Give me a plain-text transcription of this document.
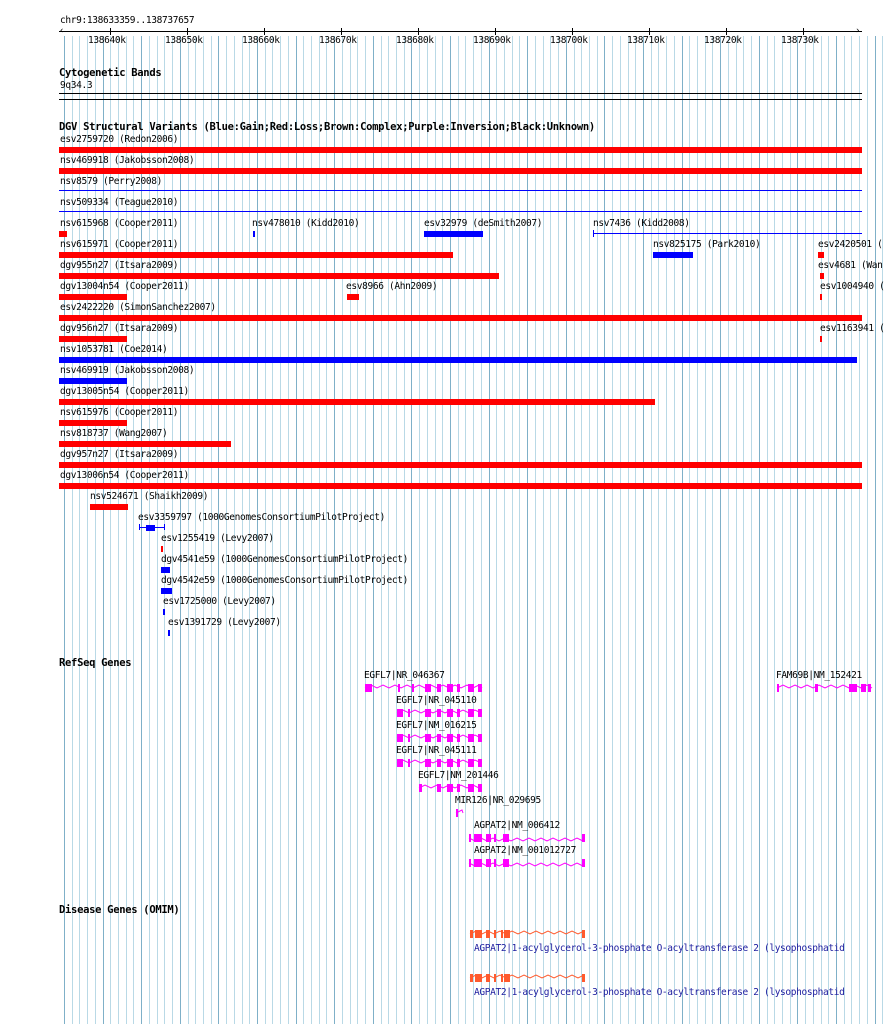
chr9:138633359..138737657
‹	›
138640k	138650k	138660k	138670k	138680k	138690k	138700k	138710k	138720k	138730k
Cytogenetic Bands
9q34.3
DGV Structural Variants (Blue:Gain;Red:Loss;Brown:Complex;Purple:Inversion;Black:Unknown)
esv2759720 (Redon2006)
nsv469918 (Jakobsson2008)
nsv8579 (Perry2008)
nsv509334 (Teague2010)
nsv615968 (Cooper2011)	nsv478010 (Kidd2010)	esv32979 (deSmith2007)	nsv7436 (Kidd2008)
nsv615971 (Cooper2011)	nsv825175 (Park2010)	esv2420501 (
dgv955n27 (Itsara2009)	esv4681 (Wan
dgv13004n54 (Cooper2011)	esv8966 (Ahn2009)	esv1004940 (
esv2422220 (SimonSanchez2007)
dgv956n27 (Itsara2009)	esv1163941 (
nsv1053781 (Coe2014)
nsv469919 (Jakobsson2008)
dgv13005n54 (Cooper2011)
nsv615976 (Cooper2011)
nsv818737 (Wang2007)
dgv957n27 (Itsara2009)
dgv13006n54 (Cooper2011)
nsv524671 (Shaikh2009)
esv3359797 (1000GenomesConsortiumPilotProject)
esv1255419 (Levy2007)
dgv4541e59 (1000GenomesConsortiumPilotProject)
dgv4542e59 (1000GenomesConsortiumPilotProject)
esv1725000 (Levy2007)
esv1391729 (Levy2007)
RefSeq Genes
EGFL7|NR_046367	FAM69B|NM_152421
EGFL7|NR_045110
EGFL7|NM_016215
EGFL7|NR_045111
EGFL7|NM_201446
MIR126|NR_029695
AGPAT2|NM_006412
AGPAT2|NM_001012727
Disease Genes (OMIM)
AGPAT2|1-acylglycerol-3-phosphate O-acyltransferase 2 (lysophosphatid
AGPAT2|1-acylglycerol-3-phosphate O-acyltransferase 2 (lysophosphatid
